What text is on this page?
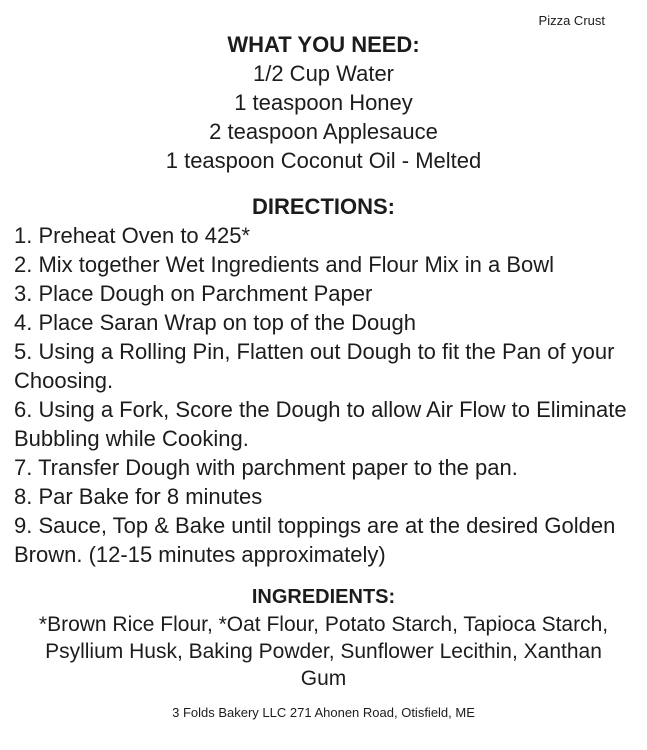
Pizza Crust
WHAT YOU NEED:
1/2 Cup Water
1 teaspoon Honey
2 teaspoon Applesauce
1 teaspoon Coconut Oil - Melted
DIRECTIONS:
1. Preheat Oven to 425*
2. Mix together Wet Ingredients and Flour Mix in a Bowl
3. Place Dough on Parchment Paper
4. Place Saran Wrap on top of the Dough
5. Using a Rolling Pin, Flatten out Dough to fit the Pan of your Choosing.
6. Using a Fork, Score the Dough to allow Air Flow to Eliminate Bubbling while Cooking.
7. Transfer Dough with parchment paper to the pan.
8. Par Bake for 8 minutes
9. Sauce, Top & Bake until toppings are at the desired Golden Brown. (12-15 minutes approximately)
INGREDIENTS:
*Brown Rice Flour, *Oat Flour, Potato Starch, Tapioca Starch, Psyllium Husk, Baking Powder, Sunflower Lecithin, Xanthan Gum
3 Folds Bakery LLC 271 Ahonen Road, Otisfield, ME
